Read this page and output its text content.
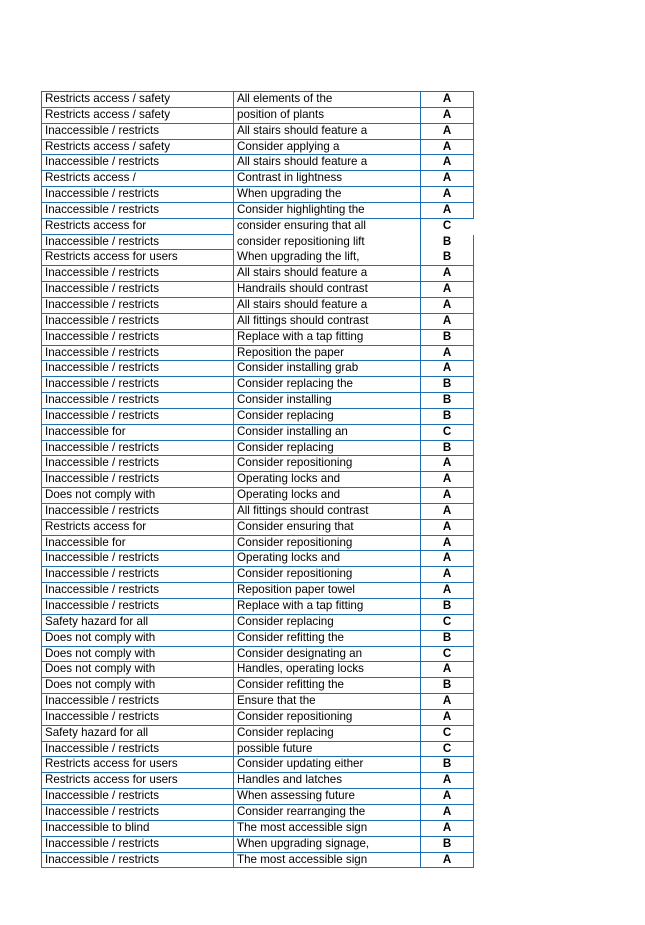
Restricts access / safety	All elements of the	A
Restricts access / safety	position of plants	A
Inaccessible / restricts	All stairs should feature a	A
Restricts access / safety	Consider applying a	A
Inaccessible / restricts	All stairs should feature a	A
Restricts access /	Contrast in lightness	A
Inaccessible / restricts	When upgrading the	A
Inaccessible / restricts	Consider highlighting the	A
Restricts access for	consider ensuring that all	C
Inaccessible / restricts	consider repositioning lift	B
Restricts access for users	When upgrading the lift,	B
Inaccessible / restricts	All stairs should feature a	A
Inaccessible / restricts	Handrails should contrast	A
Inaccessible / restricts	All stairs should feature a	A
Inaccessible / restricts	All fittings should contrast	A
Inaccessible / restricts	Replace with a tap fitting	B
Inaccessible / restricts	Reposition the paper	A
Inaccessible / restricts	Consider installing grab	A
Inaccessible / restricts	Consider replacing the	B
Inaccessible / restricts	Consider installing	B
Inaccessible / restricts	Consider replacing	B
Inaccessible for	Consider installing an	C
Inaccessible / restricts	Consider replacing	B
Inaccessible / restricts	Consider repositioning	A
Inaccessible / restricts	Operating locks and	A
Does not comply with	Operating locks and	A
Inaccessible / restricts	All fittings should contrast	A
Restricts access for	Consider ensuring that	A
Inaccessible for	Consider repositioning	A
Inaccessible / restricts	Operating locks and	A
Inaccessible / restricts	Consider repositioning	A
Inaccessible / restricts	Reposition paper towel	A
Inaccessible / restricts	Replace with a tap fitting	B
Safety hazard for all	Consider replacing	C
Does not comply with	Consider refitting the	B
Does not comply with	Consider designating an	C
Does not comply with	Handles, operating locks	A
Does not comply with	Consider refitting the	B
Inaccessible / restricts	Ensure that the	A
Inaccessible / restricts	Consider repositioning	A
Safety hazard for all	Consider replacing	C
Inaccessible / restricts	possible future	C
Restricts access for users	Consider updating either	B
Restricts access for users	Handles and latches	A
Inaccessible / restricts	When assessing future	A
Inaccessible / restricts	Consider rearranging the	A
Inaccessible to blind	The most accessible sign	A
Inaccessible / restricts	When upgrading signage,	B
Inaccessible / restricts	The most accessible sign	A
